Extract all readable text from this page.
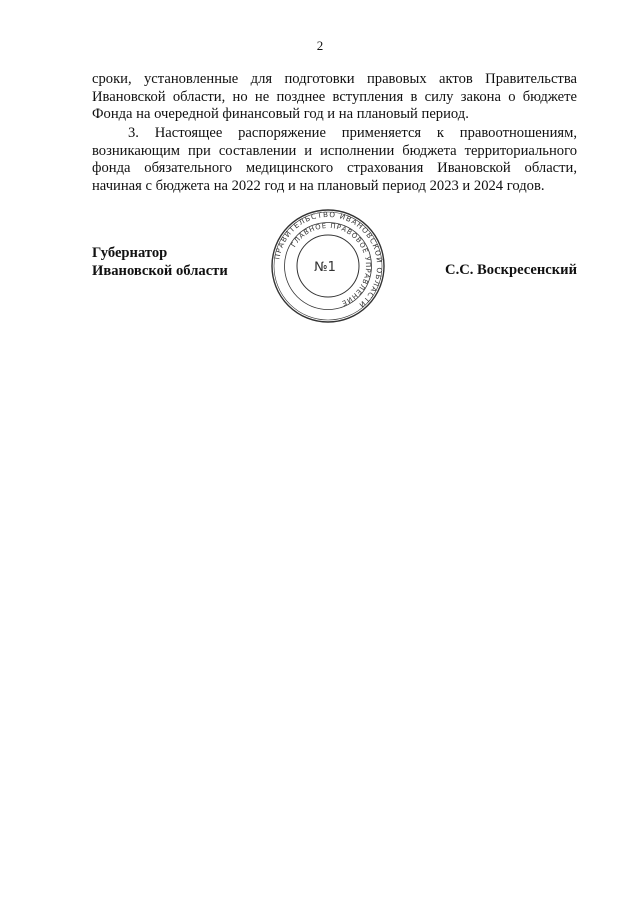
2
сроки, установленные для подготовки правовых актов Правительства
Ивановской области, но не позднее вступления в силу закона о бюджете
Фонда на очередной финансовый год и на плановый период.
3. Настоящее распоряжение применяется к правоотношениям,
возникающим при составлении и исполнении бюджета территориального
фонда обязательного медицинского страхования Ивановской области,
начиная с бюджета на 2022 год и на плановый период 2023 и 2024 годов.
Губернатор
Ивановской области
ПРАВИТЕЛЬСТВО ИВАНОВСКОЙ ОБЛАСТИ
ГЛАВНОЕ ПРАВОВОЕ УПРАВЛЕНИЕ
№1	С.С. Воскресенский
